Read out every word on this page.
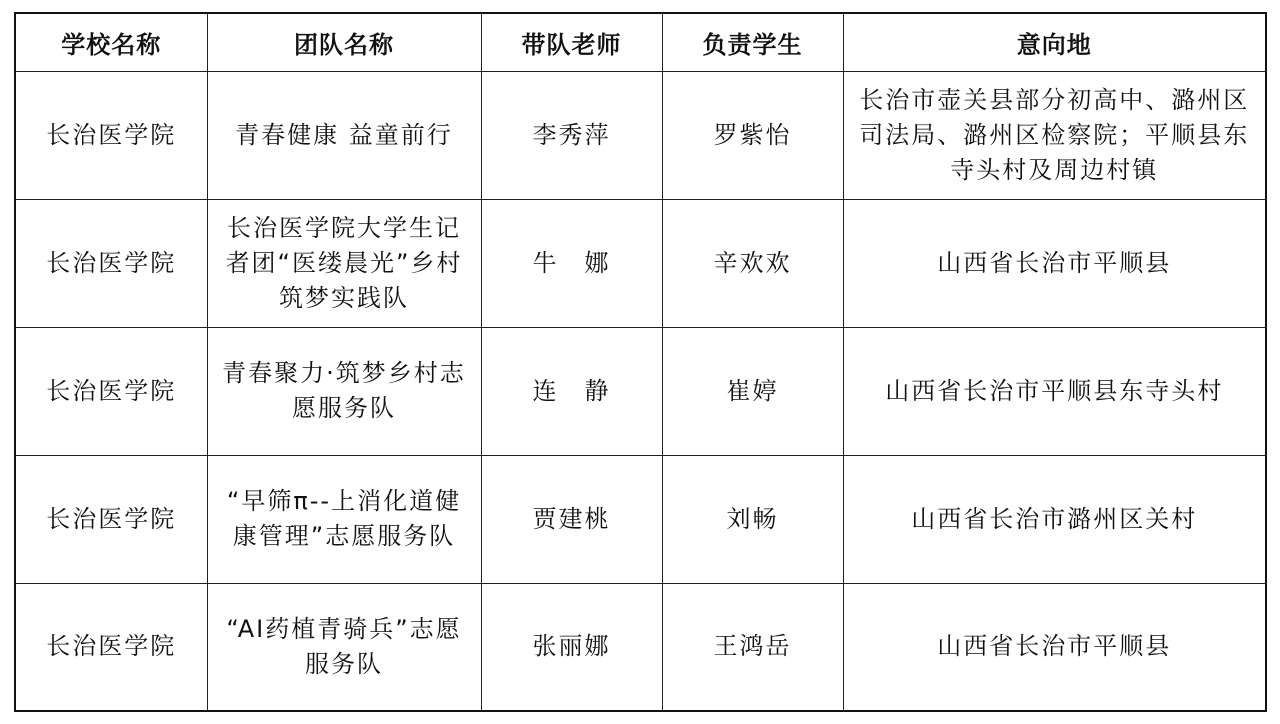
学校名称	团队名称	带队老师	负责学生	意向地
长治医学院	青春健康 益童前行	李秀萍	罗紫怡	长治市壶关县部分初高中、潞州区司法局、潞州区检察院；平顺县东寺头村及周边村镇
长治医学院	长治医学院大学生记者团“医缕晨光”乡村筑梦实践队	牛　娜	辛欢欢	山西省长治市平顺县
长治医学院	青春聚力·筑梦乡村志愿服务队	连　静	崔婷	山西省长治市平顺县东寺头村
长治医学院	“早筛π--上消化道健康管理”志愿服务队	贾建桃	刘畅	山西省长治市潞州区关村
长治医学院	“AI药植青骑兵”志愿服务队	张丽娜	王鸿岳	山西省长治市平顺县
